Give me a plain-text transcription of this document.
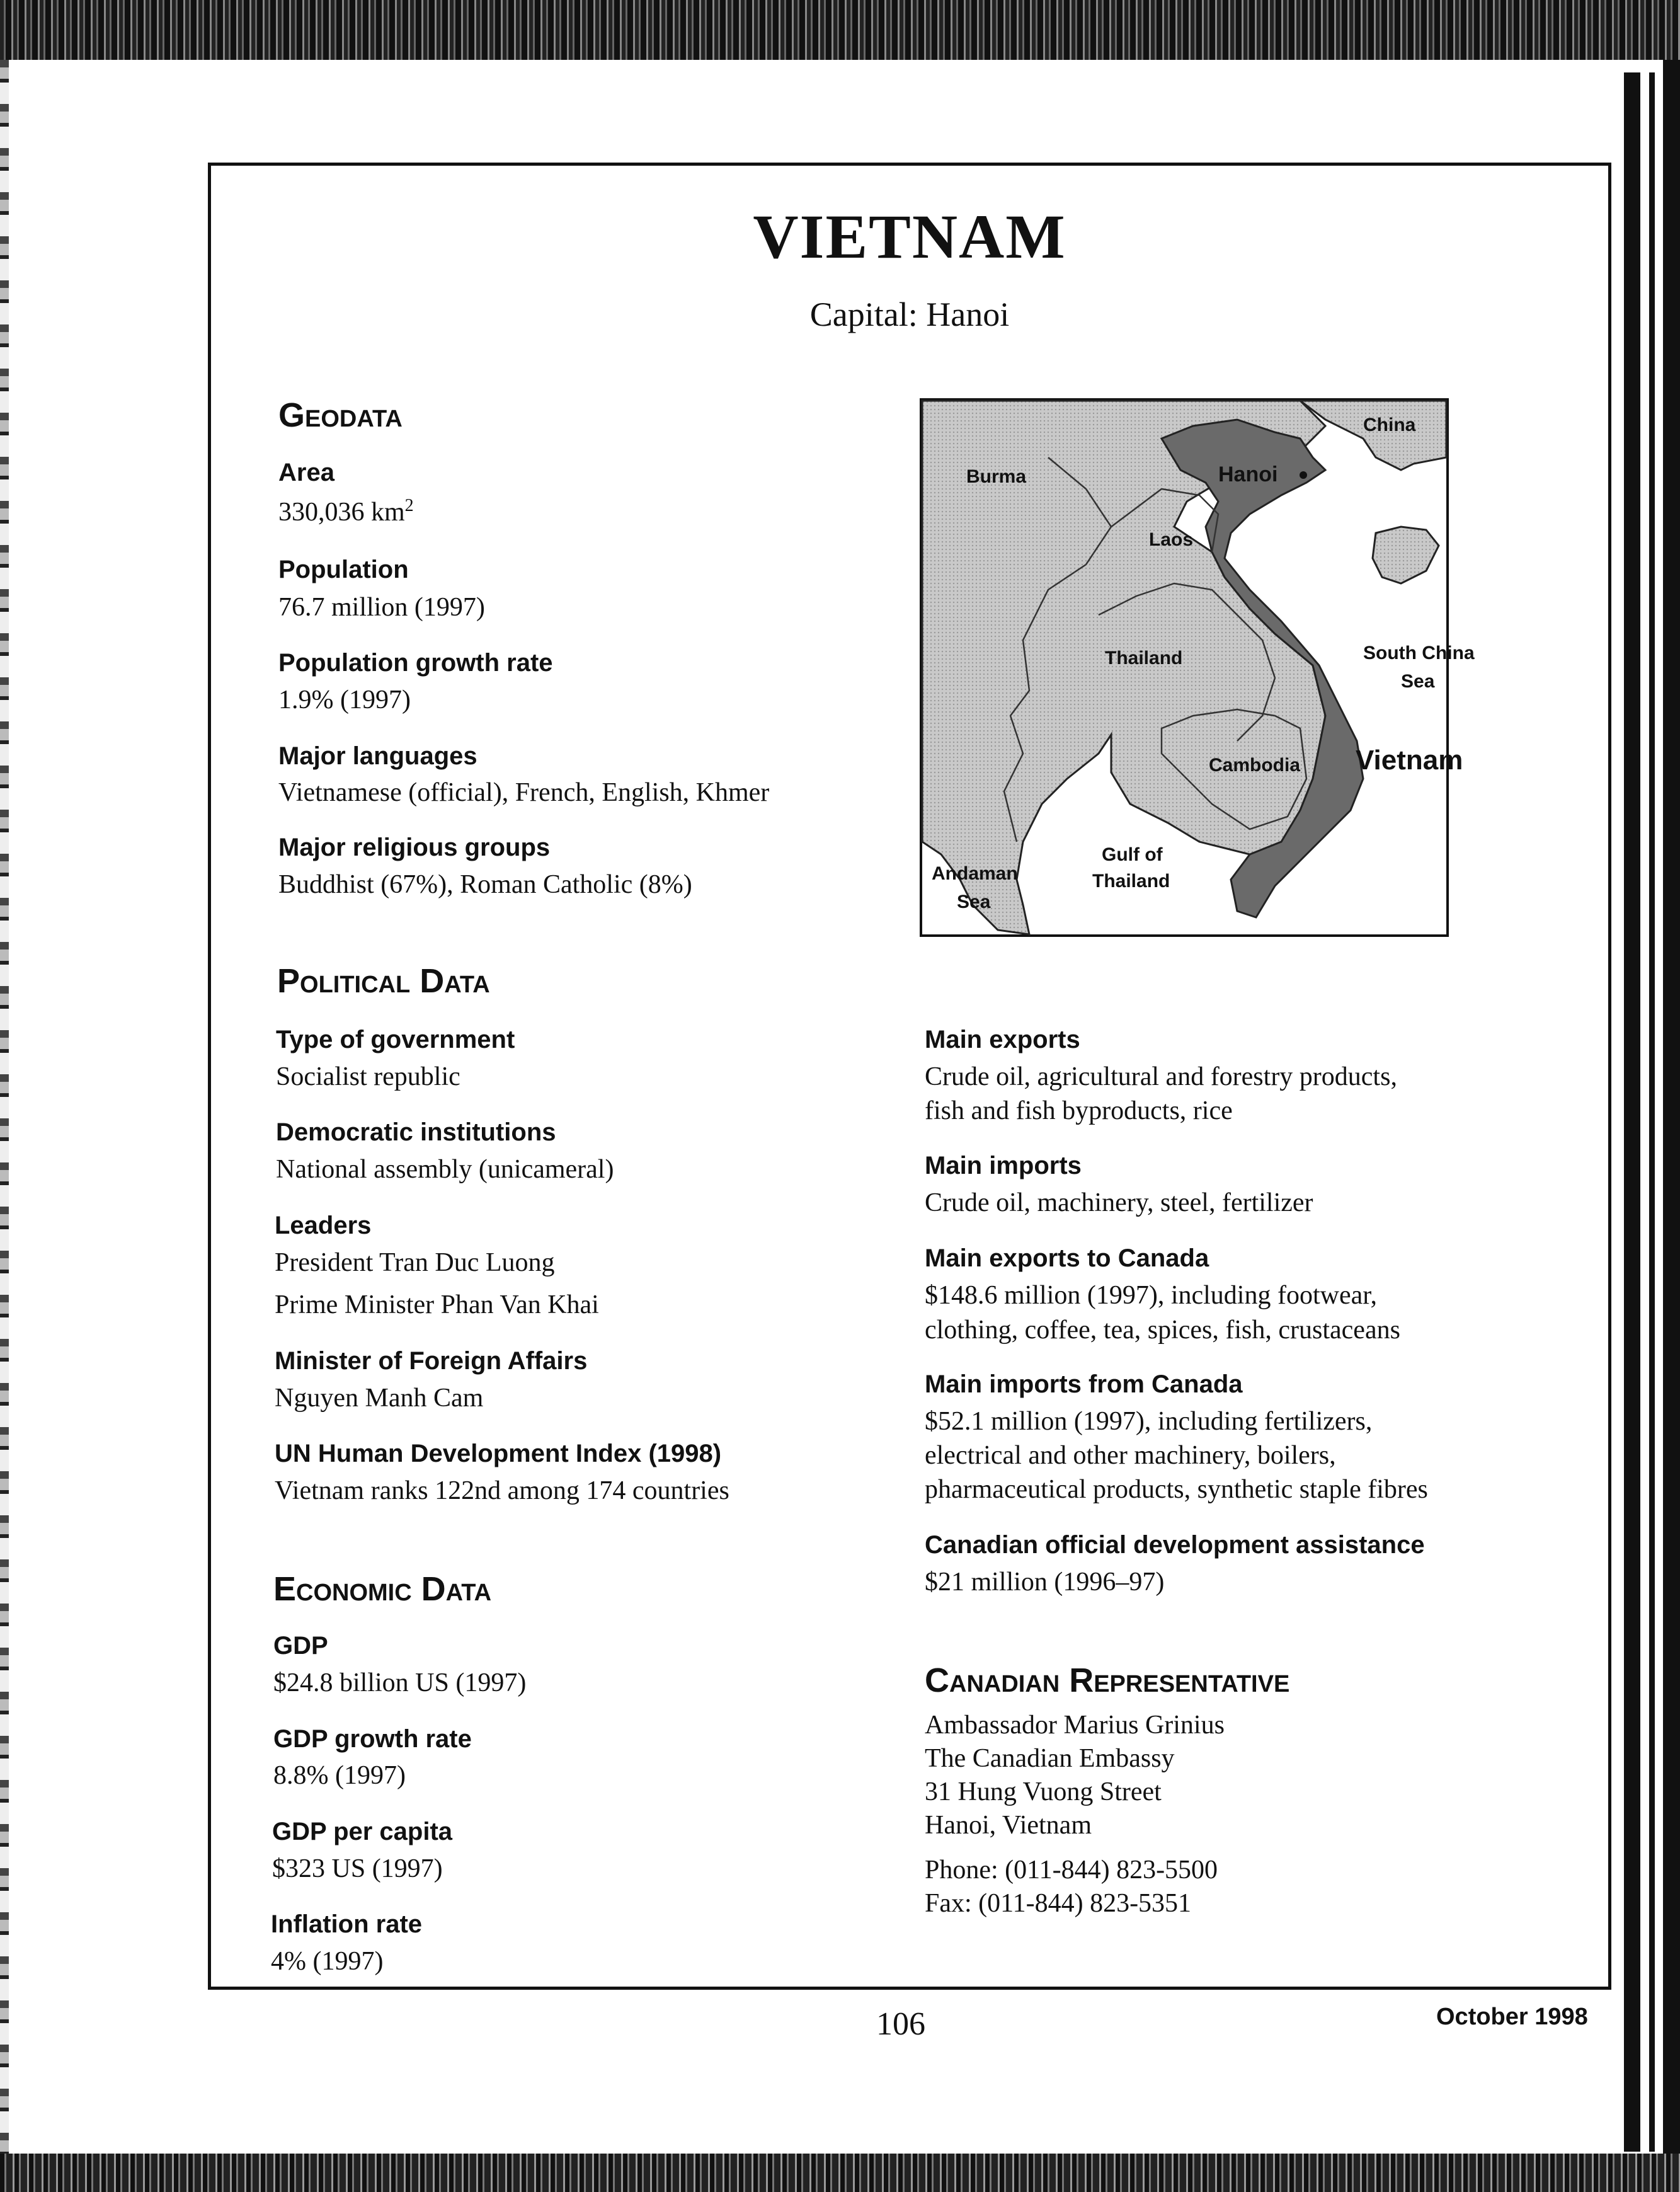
VIETNAM
Capital: Hanoi

Geodata

Area

330,036 $km^2$

Population

76.7 million (1997)

Population growth rate

1.9% (1997)

Major languages

Vietnamese (official), French, English, Khmer

Major religious groups

Buddhist (67%), Roman Catholic (8%)

China
Burma	Hanoi
Laos
Thailand	South China
Sea
Cambodia Vietnam
Andaman
Sea
Gulf of
Thailand

Political Data

Type of government

Socialist republic

Democratic institutions

National assembly (unicameral)

Leaders

President Tran Duc Luong

Prime Minister Phan Van Khai

Minister of Foreign Affairs

Nguyen Manh Cam

UN Human Development Index (1998)

Vietnam ranks 122nd among 174 countries

Economic Data

GDP

$24.8 billion US (1997)

GDP growth rate

8.8% (1997)

GDP per capita

$323 US (1997)

Inflation rate

4% (1997)

Main exports

Crude oil, agricultural and forestry products,

fish and fish byproducts, rice

Main imports

Crude oil, machinery, steel, fertilizer

Main exports to Canada

$148.6 million (1997), including footwear,

clothing, coffee, tea, spices, fish, crustaceans

Main imports from Canada

$52.1 million (1997), including fertilizers,

electrical and other machinery, boilers,

pharmaceutical products, synthetic staple fibres

Canadian official development assistance

$21 million (1996–97)

Canadian Representative

Ambassador Marius Grinius

The Canadian Embassy

31 Hung Vuong Street

Hanoi, Vietnam

Phone: (011-844) 823-5500

Fax: (011-844) 823-5351

106	October 1998
